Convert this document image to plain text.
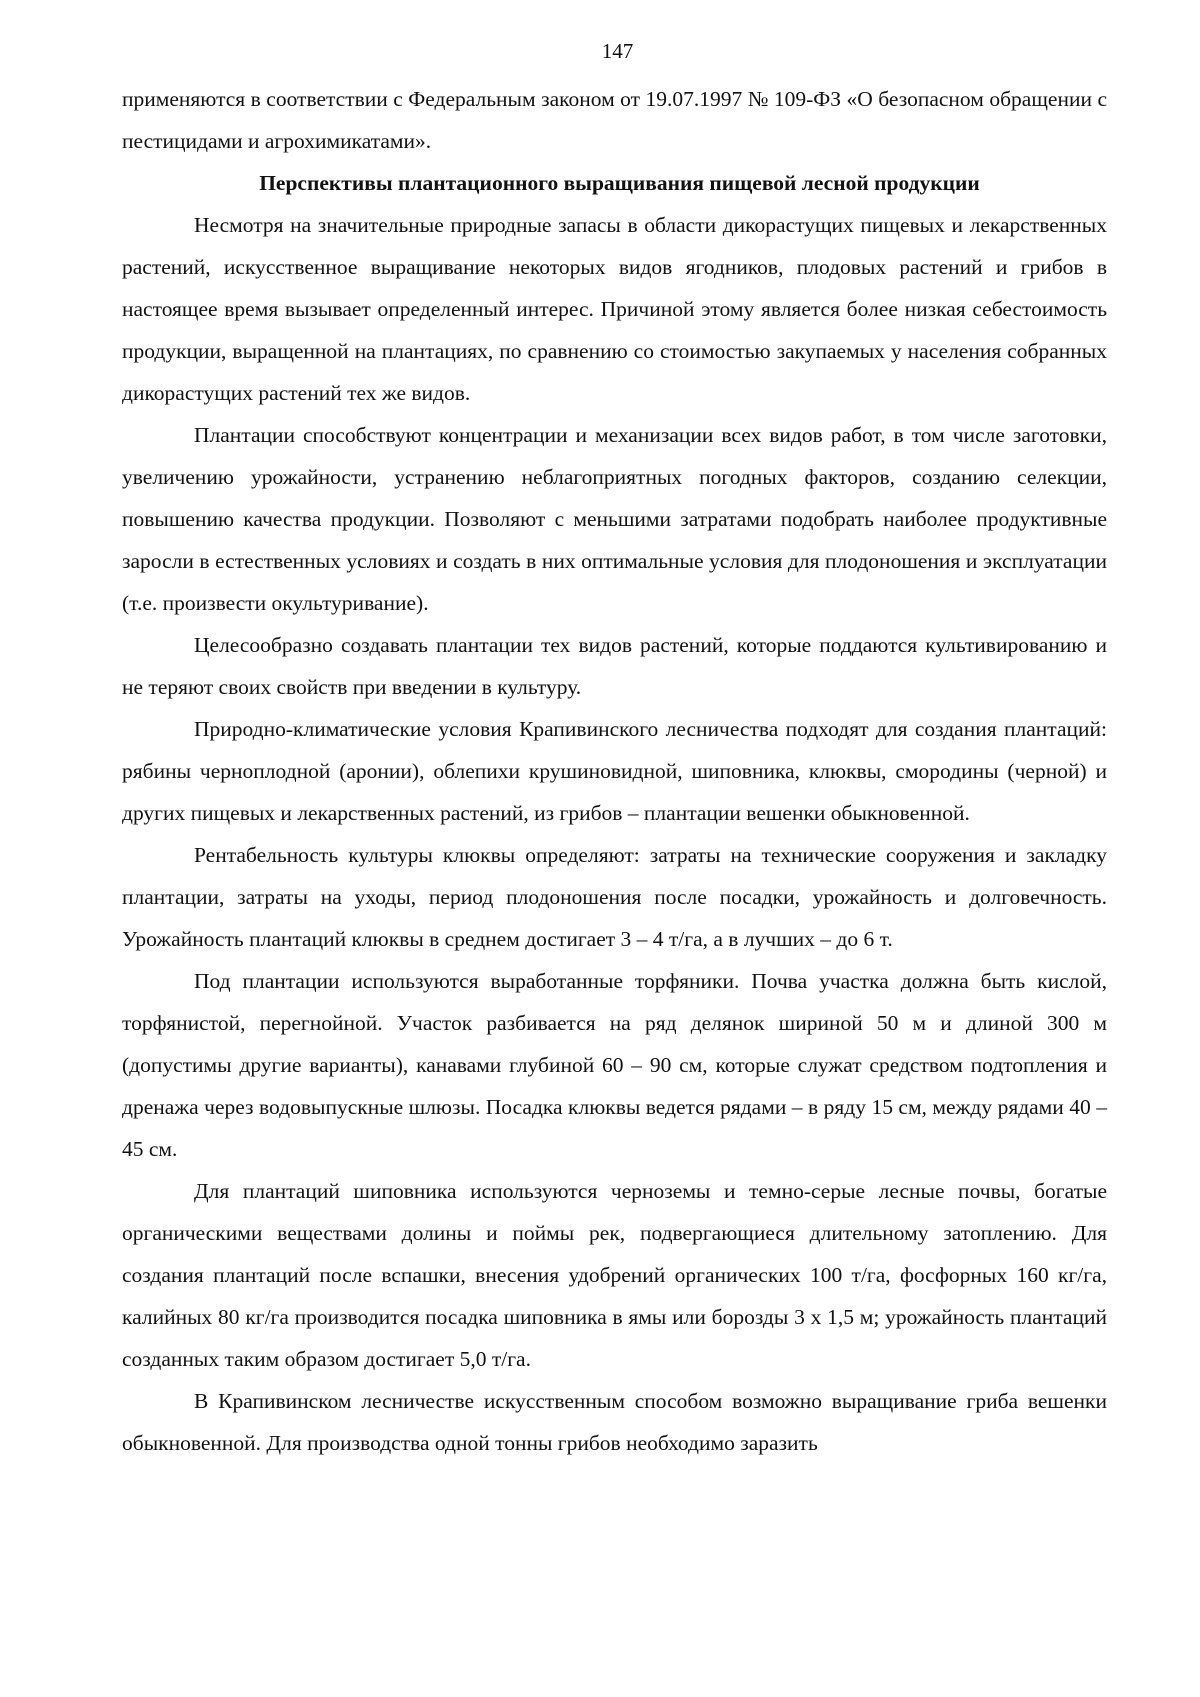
147

применяются в соответствии с Федеральным законом от 19.07.1997 № 109-ФЗ «О безопасном обращении с пестицидами и агрохимикатами».

Перспективы плантационного выращивания пищевой лесной продукции

Несмотря на значительные природные запасы в области дикорастущих пищевых и лекарственных растений, искусственное выращивание некоторых видов ягодников, плодовых растений и грибов в настоящее время вызывает определенный интерес. Причиной этому является более низкая себестоимость продукции, выращенной на плантациях, по сравнению со стоимостью закупаемых у населения собранных дикорастущих растений тех же видов.

Плантации способствуют концентрации и механизации всех видов работ, в том числе заготовки, увеличению урожайности, устранению неблагоприятных погодных факторов, созданию селекции, повышению качества продукции. Позволяют с меньшими затратами подобрать наиболее продуктивные заросли в естественных условиях и создать в них оптимальные условия для плодоношения и эксплуатации (т.е. произвести окультуривание).

Целесообразно создавать плантации тех видов растений, которые поддаются культивированию и не теряют своих свойств при введении в культуру.

Природно-климатические условия Крапивинского лесничества подходят для создания плантаций: рябины черноплодной (аронии), облепихи крушиновидной, шиповника, клюквы, смородины (черной) и других пищевых и лекарственных растений, из грибов – плантации вешенки обыкновенной.

Рентабельность культуры клюквы определяют: затраты на технические сооружения и закладку плантации, затраты на уходы, период плодоношения после посадки, урожайность и долговечность. Урожайность плантаций клюквы в среднем достигает 3 – 4 т/га, а в лучших – до 6 т.

Под плантации используются выработанные торфяники. Почва участка должна быть кислой, торфянистой, перегнойной. Участок разбивается на ряд делянок шириной 50 м и длиной 300 м (допустимы другие варианты), канавами глубиной 60 – 90 см, которые служат средством подтопления и дренажа через водовыпускные шлюзы. Посадка клюквы ведется рядами – в ряду 15 см, между рядами 40 – 45 см.

Для плантаций шиповника используются черноземы и темно-серые лесные почвы, богатые органическими веществами долины и поймы рек, подвергающиеся длительному затоплению. Для создания плантаций после вспашки, внесения удобрений органических 100 т/га, фосфорных 160 кг/га, калийных 80 кг/га производится посадка шиповника в ямы или борозды 3 х 1,5 м; урожайность плантаций созданных таким образом достигает 5,0 т/га.

В Крапивинском лесничестве искусственным способом возможно выращивание гриба вешенки обыкновенной. Для производства одной тонны грибов необходимо заразить
